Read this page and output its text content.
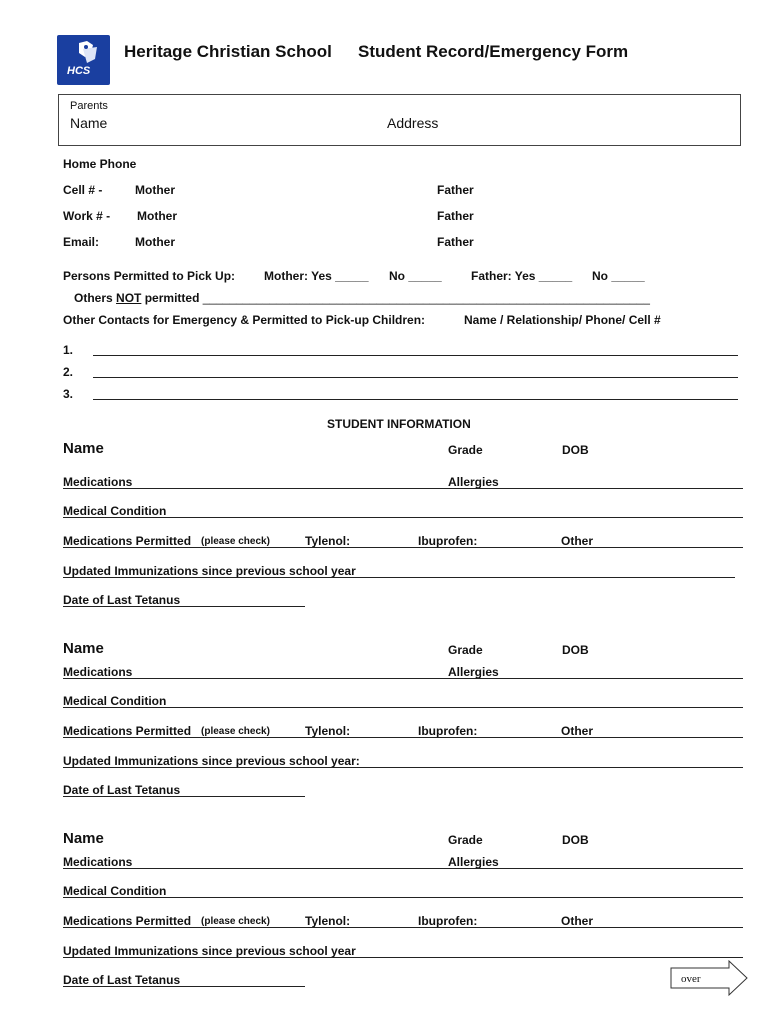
HCS
Heritage Christian School Student Record/Emergency Form
Parents
Name	Address
Home Phone
Cell # -	Mother	Father
Work # - Mother	Father
Email:	Mother	Father
Persons Permitted to Pick Up: Mother: Yes _____ No _____ Father: Yes _____ No _____
Others NOT permitted ___________________________________________________________________
Other Contacts for Emergency & Permitted to Pick-up Children:	Name / Relationship/ Phone/ Cell #
1.
2.
3.
STUDENT INFORMATION
Name	Grade	DOB
Medications	Allergies
Medical Condition
Medications Permitted (please check)	Tylenol:	Ibuprofen:	Other
Updated Immunizations since previous school year
Date of Last Tetanus
Name	Grade	DOB
Medications	Allergies
Medical Condition
Medications Permitted (please check)	Tylenol:	Ibuprofen:	Other
Updated Immunizations since previous school year:
Date of Last Tetanus
Name	Grade	DOB
Medications	Allergies
Medical Condition
Medications Permitted (please check)	Tylenol:	Ibuprofen:	Other
Updated Immunizations since previous school year
Date of Last Tetanus	over
